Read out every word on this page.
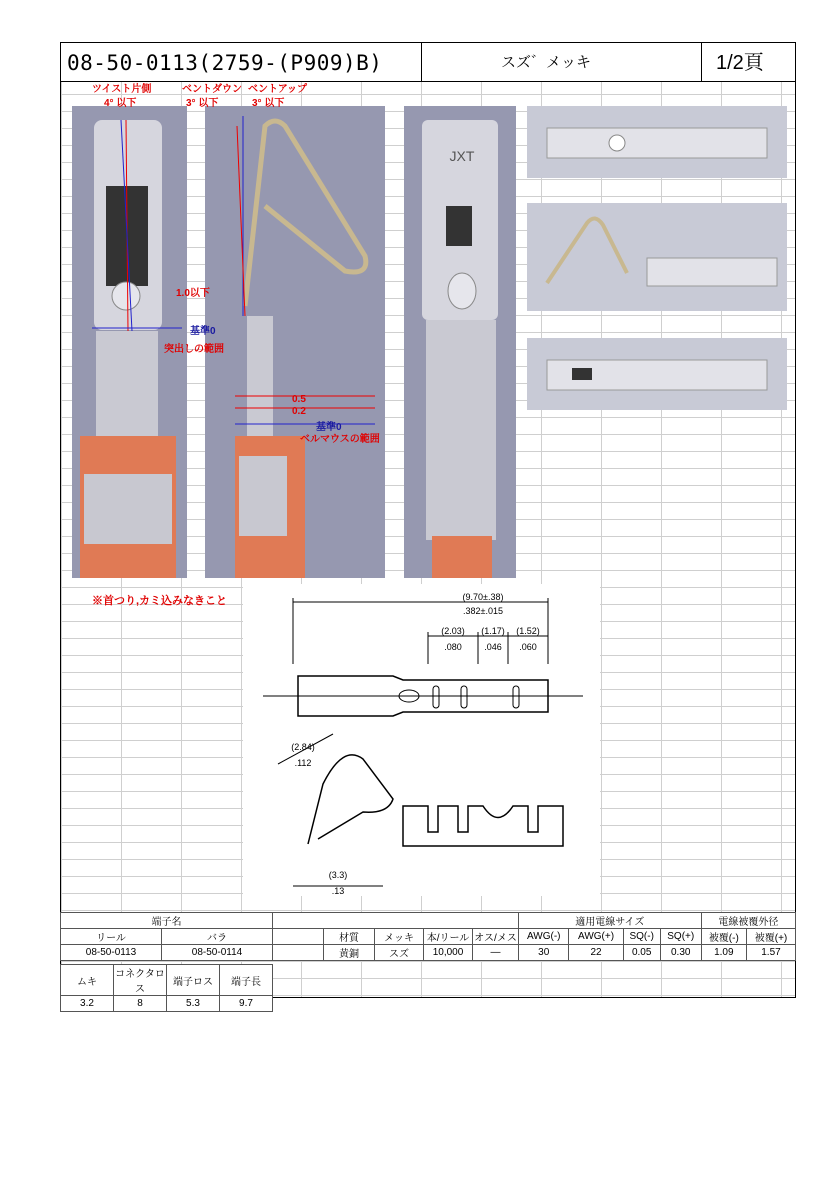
08-50-0113(2759-(P909)B)	スズ゛メッキ	1/2頁
JXT
ツイスト片側
4° 以下
ベントダウン
3° 以下
ベントアップ
3° 以下
1.0以下
基準0
突出しの範囲
0.5
0.2
基準0
ベルマウスの範囲
※首つり,カミ込みなきこと	(9.70±.38)
.382±.015
(2.03)
.080
(1.17)
.046
(1.52)
.060
(2.84)
.112
(3.3)
.13
端子名							適用電線サイズ				電線被覆外径	
リール	バラ		材質	メッキ	本/リール	オス/メス	AWG(-)	AWG(+)	SQ(-)	SQ(+)	被覆(-)	被覆(+)
08-50-0113	08-50-0114		黄銅	スズ	10,000	—	30	22	0.05	0.30	1.09	1.57
ムキ	コネクタロス	端子ロス	端子長
3.2	8	5.3	9.7
